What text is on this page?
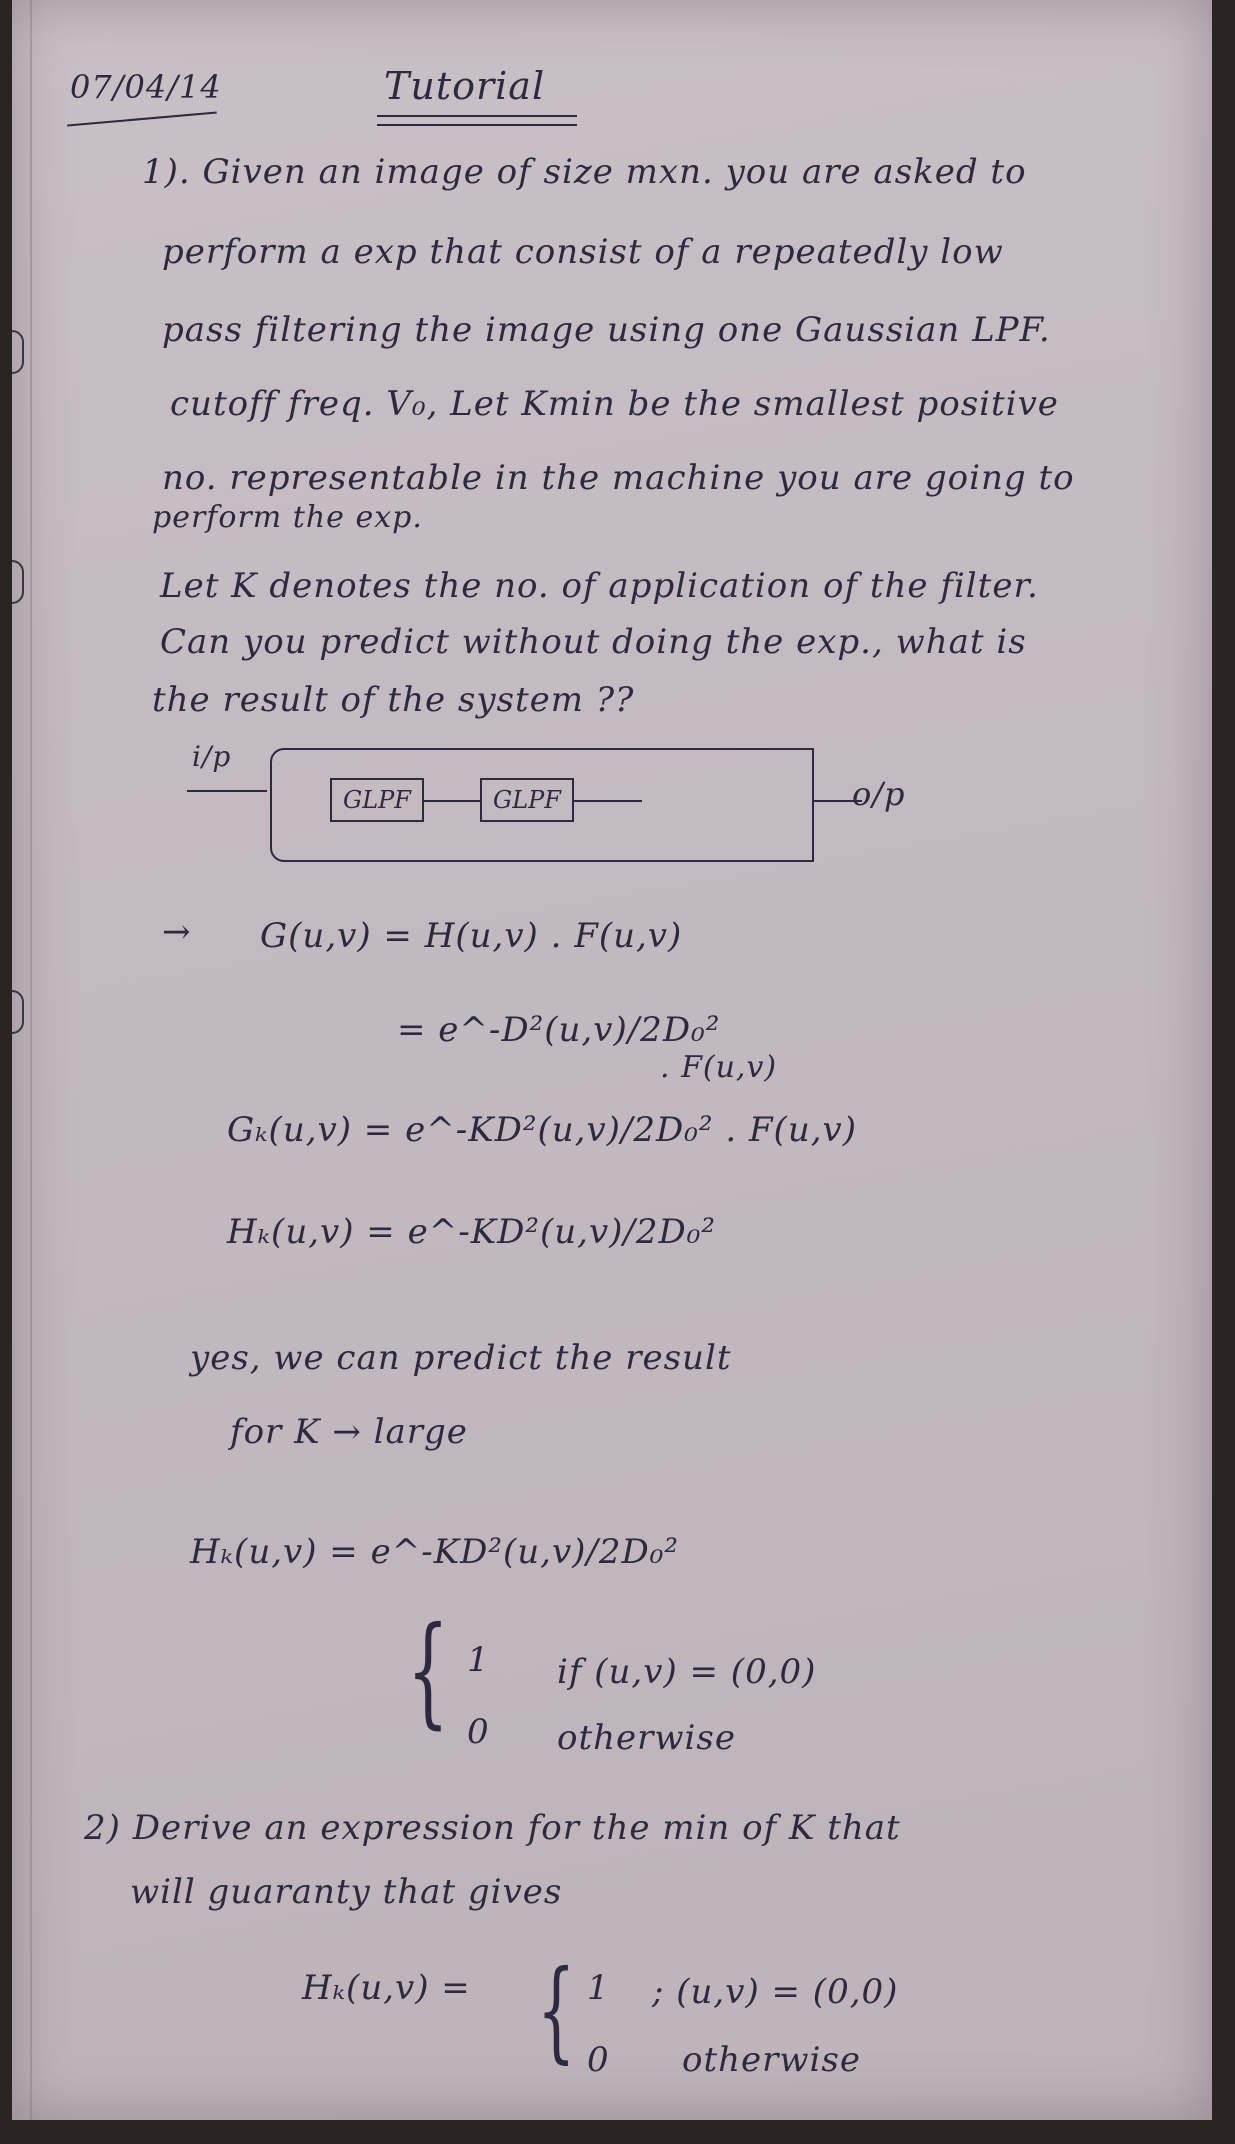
07/04/14	Tutorial
1). Given an image of size mxn. you are asked to
perform a exp that consist of a repeatedly low
pass filtering the image using one Gaussian LPF.
cutoff freq. V₀, Let Kmin be the smallest positive
no. representable in the machine you are going to
perform the exp.
Let K denotes the no. of application of the filter.
Can you predict without doing the exp., what is
the result of the system ??
i/p
GLPF	GLPF	o/p
→ G(u,v) = H(u,v) . F(u,v)
= e^-D²(u,v)/2D₀²
. F(u,v)
Gₖ(u,v) = e^-KD²(u,v)/2D₀² . F(u,v)
Hₖ(u,v) = e^-KD²(u,v)/2D₀²
yes, we can predict the result
for K → large
Hₖ(u,v) = e^-KD²(u,v)/2D₀²
{ 1 if (u,v) = (0,0)
0 otherwise
2) Derive an expression for the min of K that
will guaranty that gives
Hₖ(u,v) = { 1 ; (u,v) = (0,0)
0 otherwise
